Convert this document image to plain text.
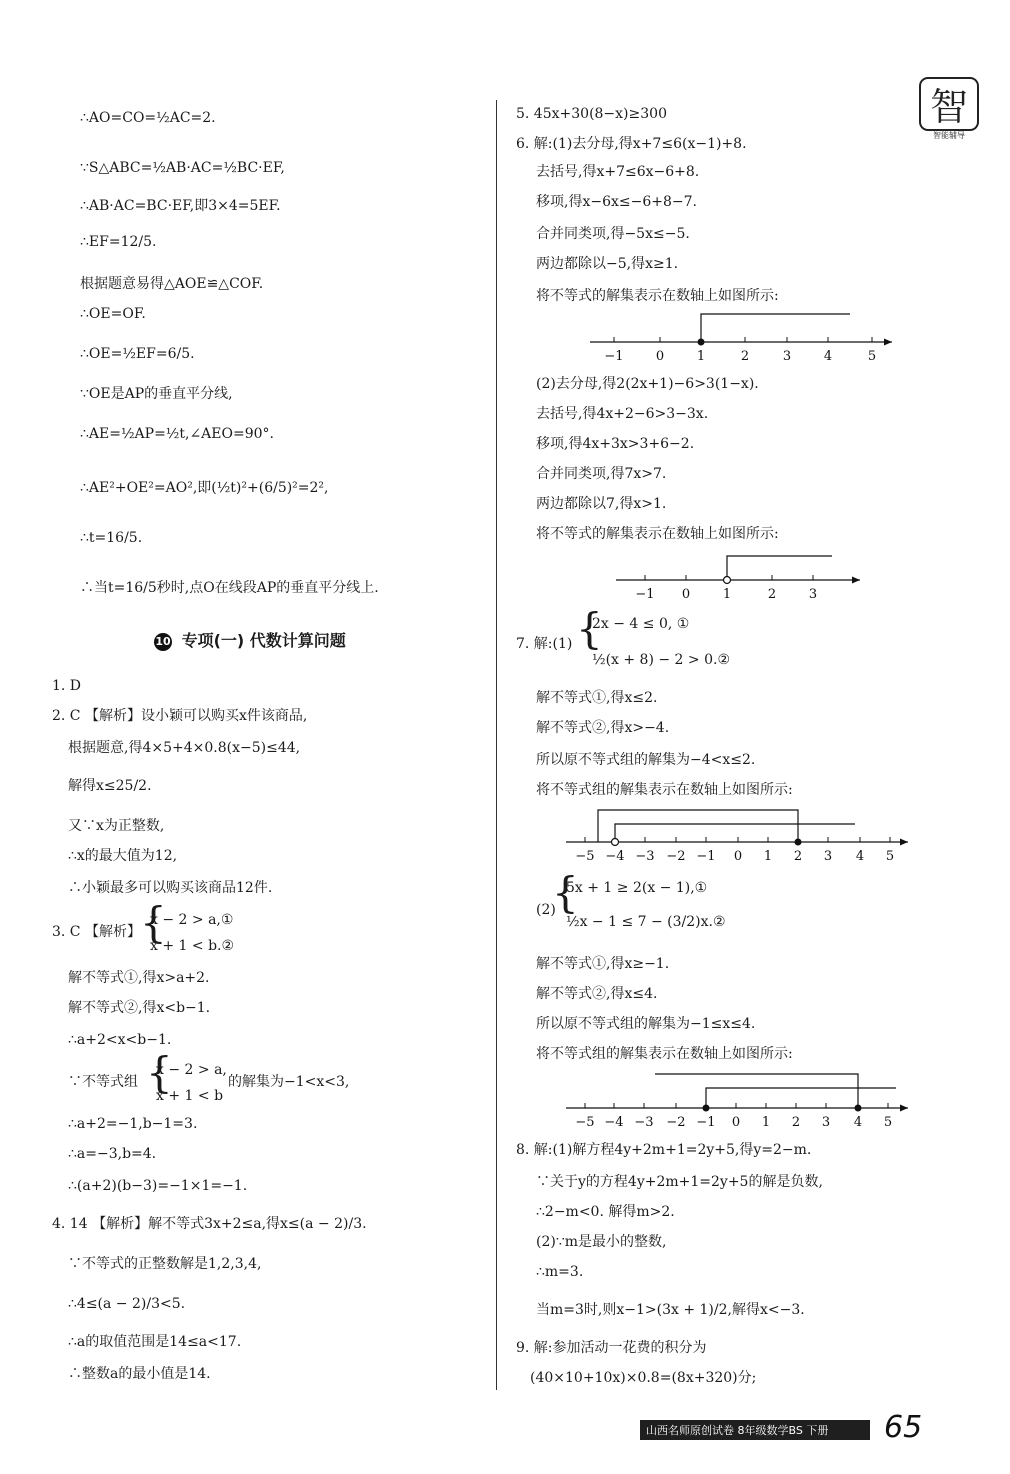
10 专项(一) 代数计算问题
{
{
{
{
−5 −4 −3 −2 −1 0 1 2 3 4 5
−5 −4 −3 −2 −1 0 1 2 3 4 5
−1 0	1	2	3
−1 0	1	2	3	4	5
智
智能辅导
山西名师原创试卷 8年级数学BS 下册 65
∴AO=CO=½AC=2.
∵S△ABC=½AB·AC=½BC·EF,
∴AB·AC=BC·EF,即3×4=5EF.
∴EF=12/5.
根据题意易得△AOE≌△COF.
∴OE=OF.
∴OE=½EF=6/5.
∵OE是AP的垂直平分线,
∴AE=½AP=½t,∠AEO=90°.
∴AE²+OE²=AO²,即(½t)²+(6/5)²=2²,
∴t=16/5.
∴当t=16/5秒时,点O在线段AP的垂直平分线上.
1. D
2. C 【解析】设小颖可以购买x件该商品,
根据题意,得4×5+4×0.8(x−5)≤44,
解得x≤25/2.
又∵x为正整数,
∴x的最大值为12,
∴小颖最多可以购买该商品12件.
3. C 【解析】
x − 2 > a,①
x + 1 < b.②
解不等式①,得x>a+2.
解不等式②,得x<b−1.
∴a+2<x<b−1.
∵不等式组
x − 2 > a,
x + 1 < b
的解集为−1<x<3,
∴a+2=−1,b−1=3.
∴a=−3,b=4.
∴(a+2)(b−3)=−1×1=−1.
4. 14 【解析】解不等式3x+2≤a,得x≤(a − 2)/3.
∵不等式的正整数解是1,2,3,4,
∴4≤(a − 2)/3<5.
∴a的取值范围是14≤a<17.
∴整数a的最小值是14.
5. 45x+30(8−x)≥300
6. 解:(1)去分母,得x+7≤6(x−1)+8.
去括号,得x+7≤6x−6+8.
移项,得x−6x≤−6+8−7.
合并同类项,得−5x≤−5.
两边都除以−5,得x≥1.
将不等式的解集表示在数轴上如图所示:
(2)去分母,得2(2x+1)−6>3(1−x).
去括号,得4x+2−6>3−3x.
移项,得4x+3x>3+6−2.
合并同类项,得7x>7.
两边都除以7,得x>1.
将不等式的解集表示在数轴上如图所示:
7. 解:(1)
2x − 4 ≤ 0, ①
½(x + 8) − 2 > 0.②
解不等式①,得x≤2.
解不等式②,得x>−4.
所以原不等式组的解集为−4<x≤2.
将不等式组的解集表示在数轴上如图所示:
(2)
5x + 1 ≥ 2(x − 1),①
½x − 1 ≤ 7 − (3/2)x.②
解不等式①,得x≥−1.
解不等式②,得x≤4.
所以原不等式组的解集为−1≤x≤4.
将不等式组的解集表示在数轴上如图所示:
8. 解:(1)解方程4y+2m+1=2y+5,得y=2−m.
∵关于y的方程4y+2m+1=2y+5的解是负数,
∴2−m<0. 解得m>2.
(2)∵m是最小的整数,
∴m=3.
当m=3时,则x−1>(3x + 1)/2,解得x<−3.
9. 解:参加活动一花费的积分为
(40×10+10x)×0.8=(8x+320)分;
